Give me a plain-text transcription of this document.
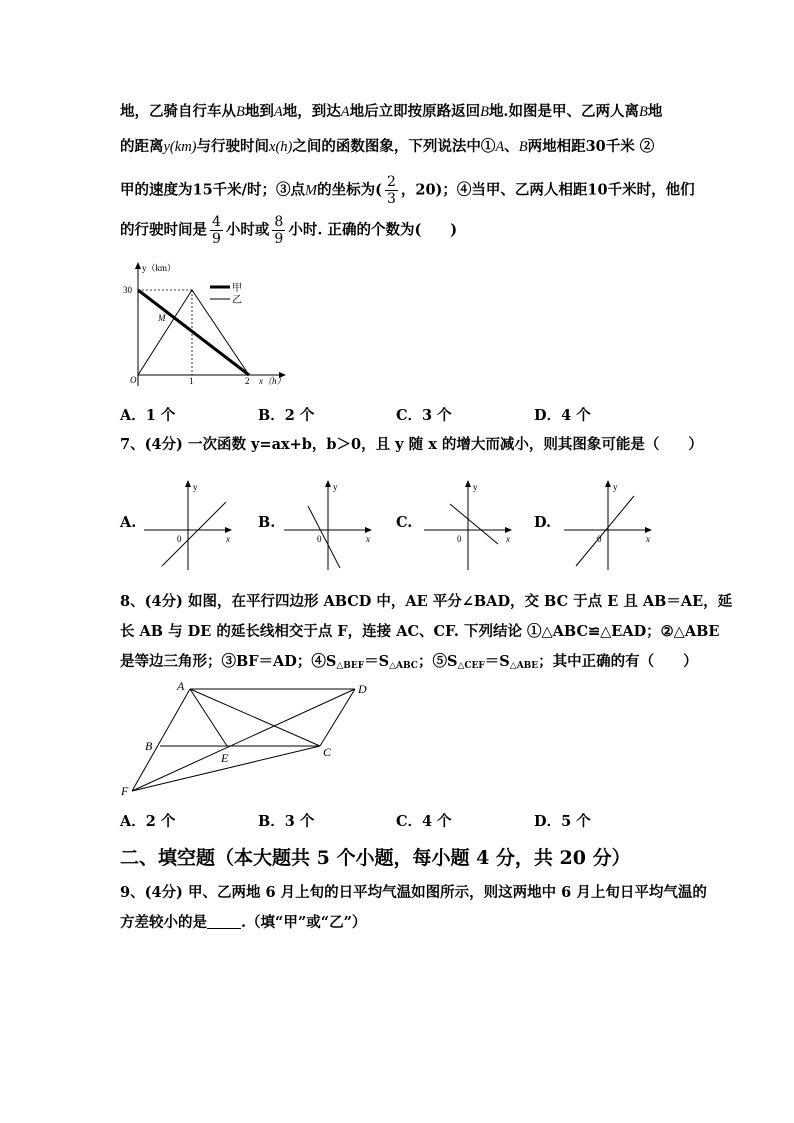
地，乙骑自行车从B地到A地，到达A地后立即按原路返回B地.如图是甲、乙两人离B地
的距离y(km)与行驶时间x(h)之间的函数图象，下列说法中①A、B两地相距30千米 ②
甲的速度为15千米/时；③点M的坐标为( $\frac{2}{3}$ ，20)；④当甲、乙两人相距10千米时，他们
的行驶时间是 $\frac{4}{9}$ 小时或 $\frac{8}{9}$ 小时. 正确的个数为(　　)
甲
乙
y（km）
30
M
O	1	2 x（h）
A．1 个	B．2 个	C．3 个	D．4 个
7、(4分) 一次函数 y=ax+b，b＞0，且 y 随 x 的增大而减小，则其图象可能是（　　）
A.
y
x
0
B.
y
x
0
C.
y
x
0
D.
y
x
0
8、(4分) 如图，在平行四边形 ABCD 中，AE 平分∠BAD，交 BC 于点 E 且 AB＝AE，延
长 AB 与 DE 的延长线相交于点 F，连接 AC、CF. 下列结论 ①△ABC≌△EAD；②△ABE
是等边三角形；③BF＝AD；$④S_{\triangle BEF}=S_{\triangle ABC}$；$⑤S_{\triangle CEF}=S_{\triangle ABE}$；其中正确的有（　　）
A	D
B
E	C
F
A．2 个	B．3 个	C．4 个	D．5 个
二、填空题（本大题共 5 个小题，每小题 4 分，共 20 分）
9、(4分) 甲、乙两地 6 月上旬的日平均气温如图所示，则这两地中 6 月上旬日平均气温的
方差较小的是 .（填“甲”或“乙”）
